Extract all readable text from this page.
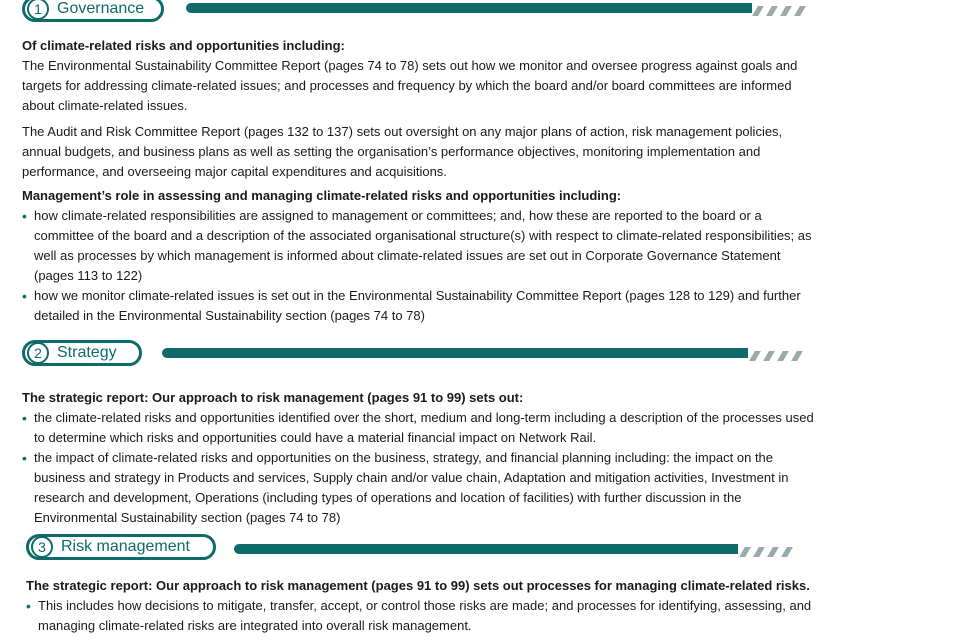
1 Governance

Of climate-related risks and opportunities including:

The Environmental Sustainability Committee Report (pages 74 to 78) sets out how we monitor and oversee progress against goals and targets for addressing climate-related issues; and processes and frequency by which the board and/or board committees are informed about climate-related issues.

The Audit and Risk Committee Report (pages 132 to 137) sets out oversight on any major plans of action, risk management policies, annual budgets, and business plans as well as setting the organisation’s performance objectives, monitoring implementation and performance, and overseeing major capital expenditures and acquisitions.

Management’s role in assessing and managing climate-related risks and opportunities including:

• how climate-related responsibilities are assigned to management or committees; and, how these are reported to the board or a committee of the board and a description of the associated organisational structure(s) with respect to climate-related responsibilities; as well as processes by which management is informed about climate-related issues are set out in Corporate Governance Statement (pages 113 to 122)
• how we monitor climate-related issues is set out in the Environmental Sustainability Committee Report (pages 128 to 129) and further detailed in the Environmental Sustainability section (pages 74 to 78)
2 Strategy

The strategic report: Our approach to risk management (pages 91 to 99) sets out:

• the climate-related risks and opportunities identified over the short, medium and long-term including a description of the processes used to determine which risks and opportunities could have a material financial impact on Network Rail.
• the impact of climate-related risks and opportunities on the business, strategy, and financial planning including: the impact on the business and strategy in Products and services, Supply chain and/or value chain, Adaptation and mitigation activities, Investment in research and development, Operations (including types of operations and location of facilities) with further discussion in the Environmental Sustainability section (pages 74 to 78)
3 Risk management

The strategic report: Our approach to risk management (pages 91 to 99) sets out processes for managing climate-related risks.

• This includes how decisions to mitigate, transfer, accept, or control those risks are made; and processes for identifying, assessing, and managing climate-related risks are integrated into overall risk management.
